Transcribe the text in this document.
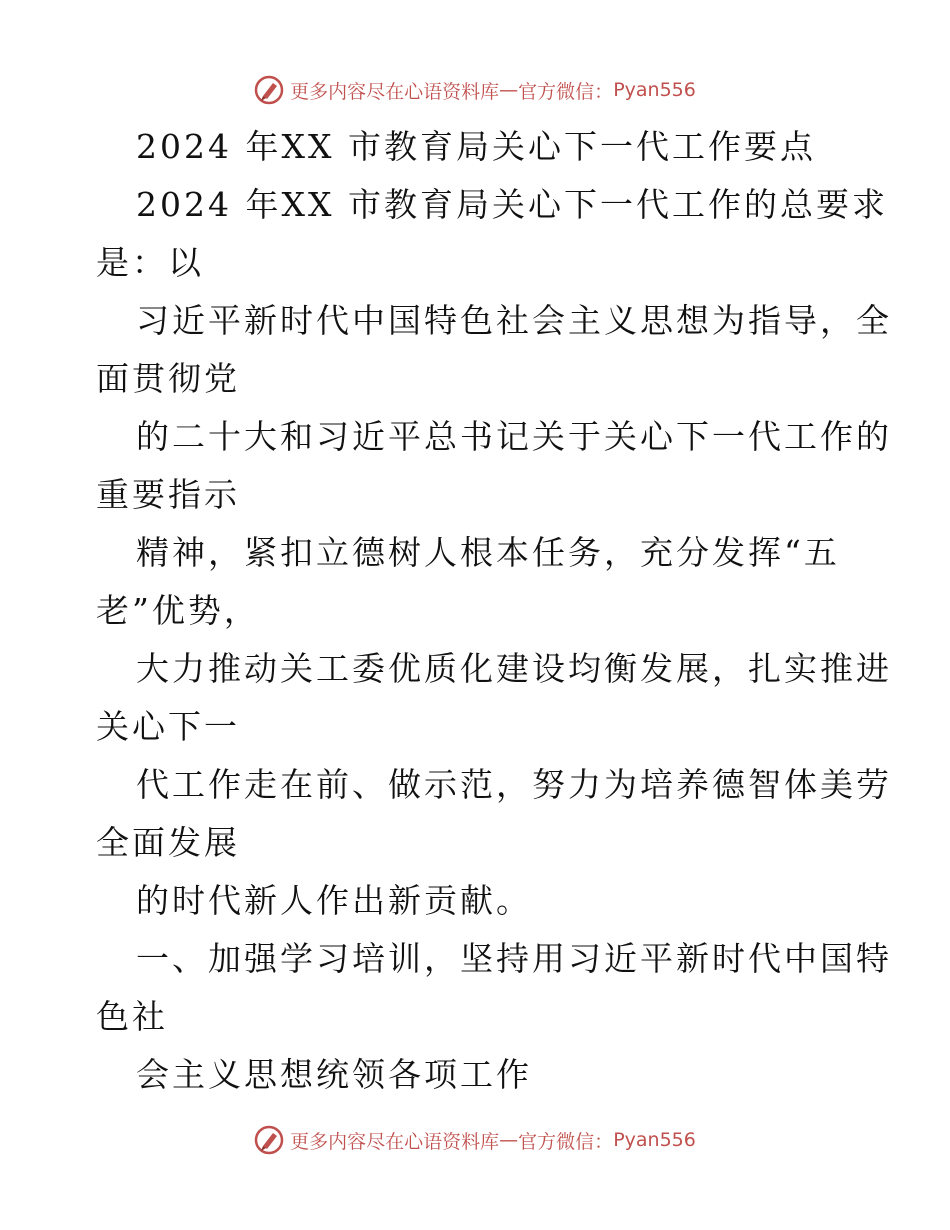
更多内容尽在心语资料库 — 官方微信： Pyan556
2024 年XX 市教育局关心下一代工作要点
2024 年XX 市教育局关心下一代工作的总要求
是：以
习近平新时代中国特色社会主义思想为指导，全
面贯彻党
的二十大和习近平总书记关于关心下一代工作的
重要指示
精神，紧扣立德树人根本任务，充分发挥“五
老”优势，
大力推动关工委优质化建设均衡发展，扎实推进
关心下一
代工作走在前、做示范，努力为培养德智体美劳
全面发展
的时代新人作出新贡献。
一、加强学习培训，坚持用习近平新时代中国特
色社
会主义思想统领各项工作
更多内容尽在心语资料库 — 官方微信： Pyan556
